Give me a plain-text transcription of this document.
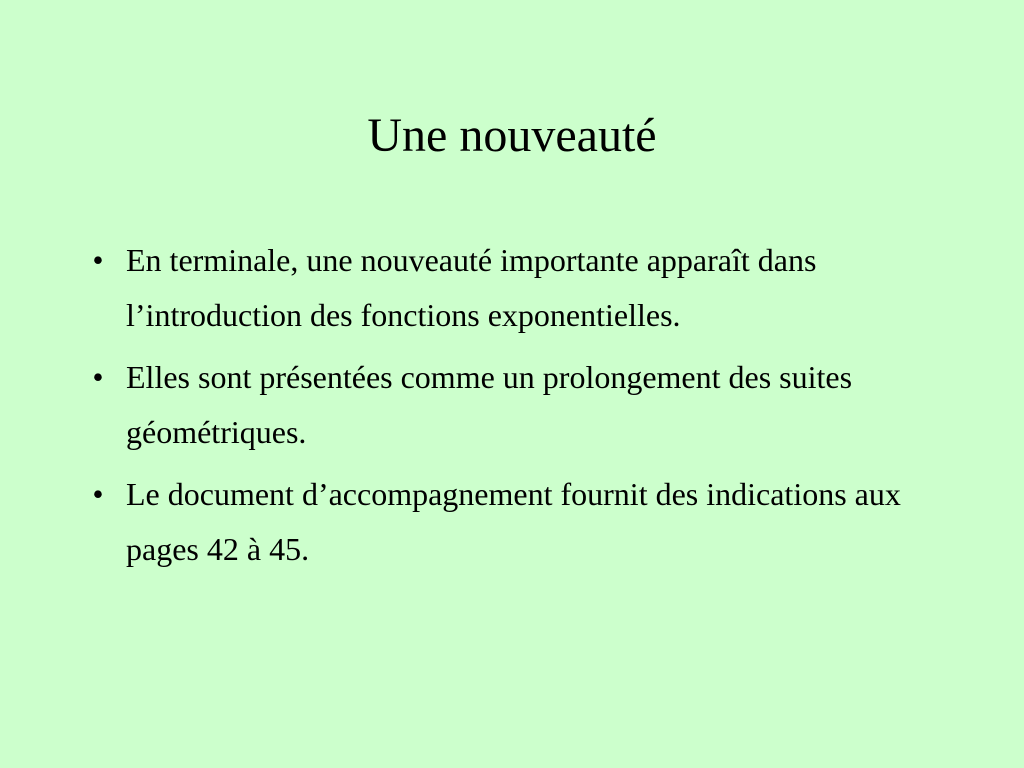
Une nouveauté
• En terminale, une nouveauté importante apparaît dans l’introduction des fonctions exponentielles.
• Elles sont présentées comme un prolongement des suites géométriques.
• Le document d’accompagnement fournit des indications aux pages 42 à 45.
